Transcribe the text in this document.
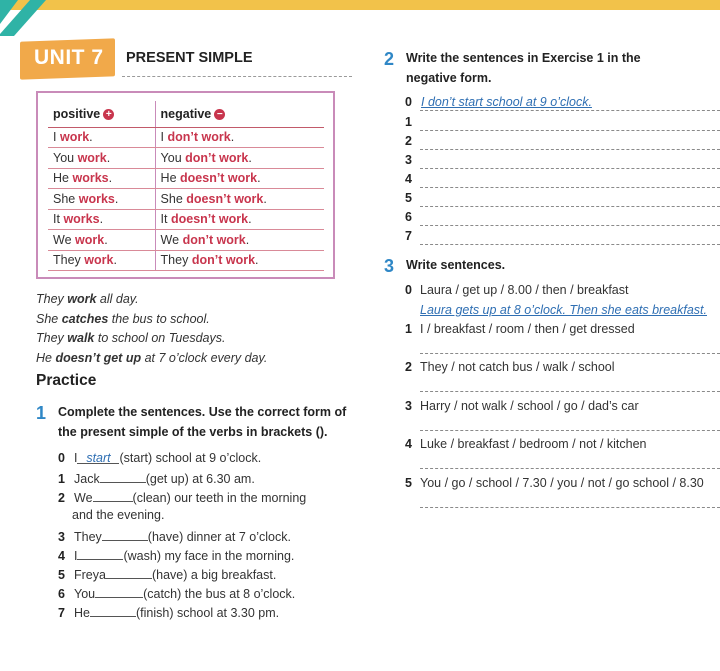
UNIT 7 PRESENT SIMPLE
positive +	negative −
I work.	I don’t work.
You work.	You don’t work.
He works.	He doesn’t work.
She works.	She doesn’t work.
It works.	It doesn’t work.
We work.	We don’t work.
They work.	They don’t work.
They work all day.
She catches the bus to school.
They walk to school on Tuesdays.
He doesn’t get up at 7 o’clock every day.
Practice
1 Complete the sentences. Use the correct form of
the present simple of the verbs in brackets ().
0 I start (start) school at 9 o’clock.
1 Jack	(get up) at 6.30 am.
2 We	(clean) our teeth in the morning
and the evening.
3 They	(have) dinner at 7 o’clock.
4 I	(wash) my face in the morning.
5 Freya	(have) a big breakfast.
6 You	(catch) the bus at 8 o’clock.
7 He	(finish) school at 3.30 pm.
2 Write the sentences in Exercise 1 in the
negative form.
0
1
2
3
4
5
6
7
I don’t start school at 9 o’clock.
3 Write sentences.
0 Laura / get up / 8.00 / then / breakfast
Laura gets up at 8 o’clock. Then she eats breakfast.
1 I / breakfast / room / then / get dressed
2 They / not catch bus / walk / school
3 Harry / not walk / school / go / dad’s car
4 Luke / breakfast / bedroom / not / kitchen
5 You / go / school / 7.30 / you / not / go school / 8.30
